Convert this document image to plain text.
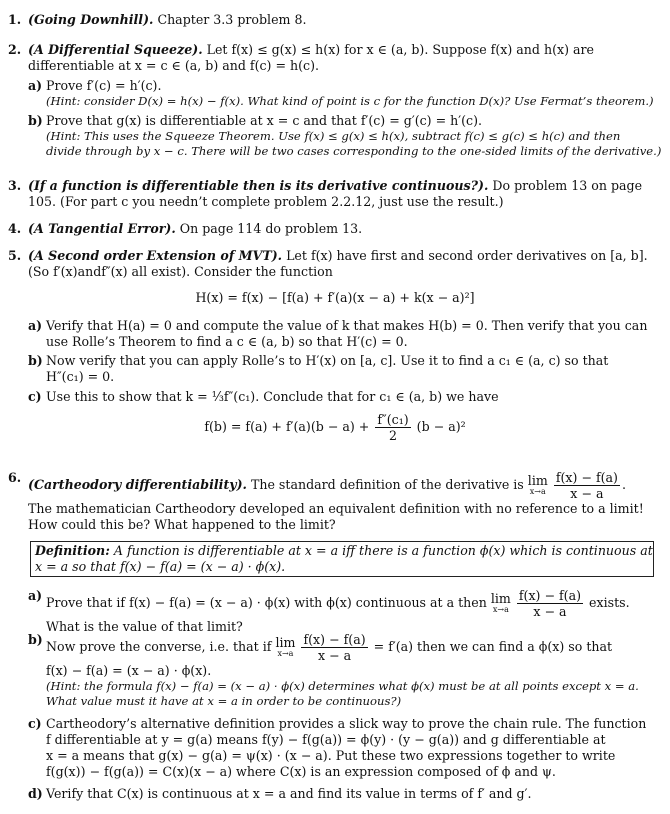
1. (Going Downhill). Chapter 3.3 problem 8.
2. (A Differential Squeeze). Let f(x) ≤ g(x) ≤ h(x) for x ∈ (a, b). Suppose f(x) and h(x) are
differentiable at x = c ∈ (a, b) and f(c) = h(c).
a) Prove f′(c) = h′(c).
(Hint: consider D(x) = h(x) − f(x). What kind of point is c for the function D(x)? Use Fermat’s theorem.)
b) Prove that g(x) is differentiable at x = c and that f′(c) = g′(c) = h′(c).
(Hint: This uses the Squeeze Theorem. Use f(x) ≤ g(x) ≤ h(x), subtract f(c) ≤ g(c) ≤ h(c) and then
divide through by x − c. There will be two cases corresponding to the one-sided limits of the derivative.)
3. (If a function is differentiable then is its derivative continuous?). Do problem 13 on page
105. (For part c you needn’t complete problem 2.2.12, just use the result.)
4. (A Tangential Error). On page 114 do problem 13.
5. (A Second order Extension of MVT). Let f(x) have first and second order derivatives on [a, b].
(So f′(x)andf″(x) all exist). Consider the function
H(x) = f(x) − [f(a) + f′(a)(x − a) + k(x − a)²]
a) Verify that H(a) = 0 and compute the value of k that makes H(b) = 0. Then verify that you can
use Rolle’s Theorem to find a c ∈ (a, b) so that H′(c) = 0.
b) Now verify that you can apply Rolle’s to H′(x) on [a, c]. Use it to find a c₁ ∈ (a, c) so that
H″(c₁) = 0.
c) Use this to show that k = ⅓f″(c₁). Conclude that for c₁ ∈ (a, b) we have
$f(b) = f(a) + f'(a)(b - a) + \frac{\text{f″(c₁)}}{2} (b - a)^2$
6. (Cartheodory differentiability). The standard definition of the derivative is lim
x→a
$\frac{f(x) - f(a)}{x - a}$ .
The mathematician Cartheodory developed an equivalent definition with no reference to a limit!
How could this be? What happened to the limit?
Definition: A function is differentiable at x = a iff there is a function ϕ(x) which is continuous at
x = a so that f(x) − f(a) = (x − a) · ϕ(x).
a) Prove that if f(x) − f(a) = (x − a) · ϕ(x) with ϕ(x) continuous at a then lim
x→a
$\frac{f(x) - f(a)}{x - a}$ exists.
What is the value of that limit?
b) Now prove the converse, i.e. that if lim
x→a
$\frac{f(x) - f(a)}{x - a} = f'(a)$ then we can find a ϕ(x) so that
f(x) − f(a) = (x − a) · ϕ(x).
(Hint: the formula f(x) − f(a) = (x − a) · ϕ(x) determines what ϕ(x) must be at all points except x = a.
What value must it have at x = a in order to be continuous?)
c) Cartheodory’s alternative definition provides a slick way to prove the chain rule. The function
f differentiable at y = g(a) means f(y) − f(g(a)) = ϕ(y) · (y − g(a)) and g differentiable at
x = a means that g(x) − g(a) = ψ(x) · (x − a). Put these two expressions together to write
f(g(x)) − f(g(a)) = C(x)(x − a) where C(x) is an expression composed of ϕ and ψ.
d) Verify that C(x) is continuous at x = a and find its value in terms of f′ and g′.
